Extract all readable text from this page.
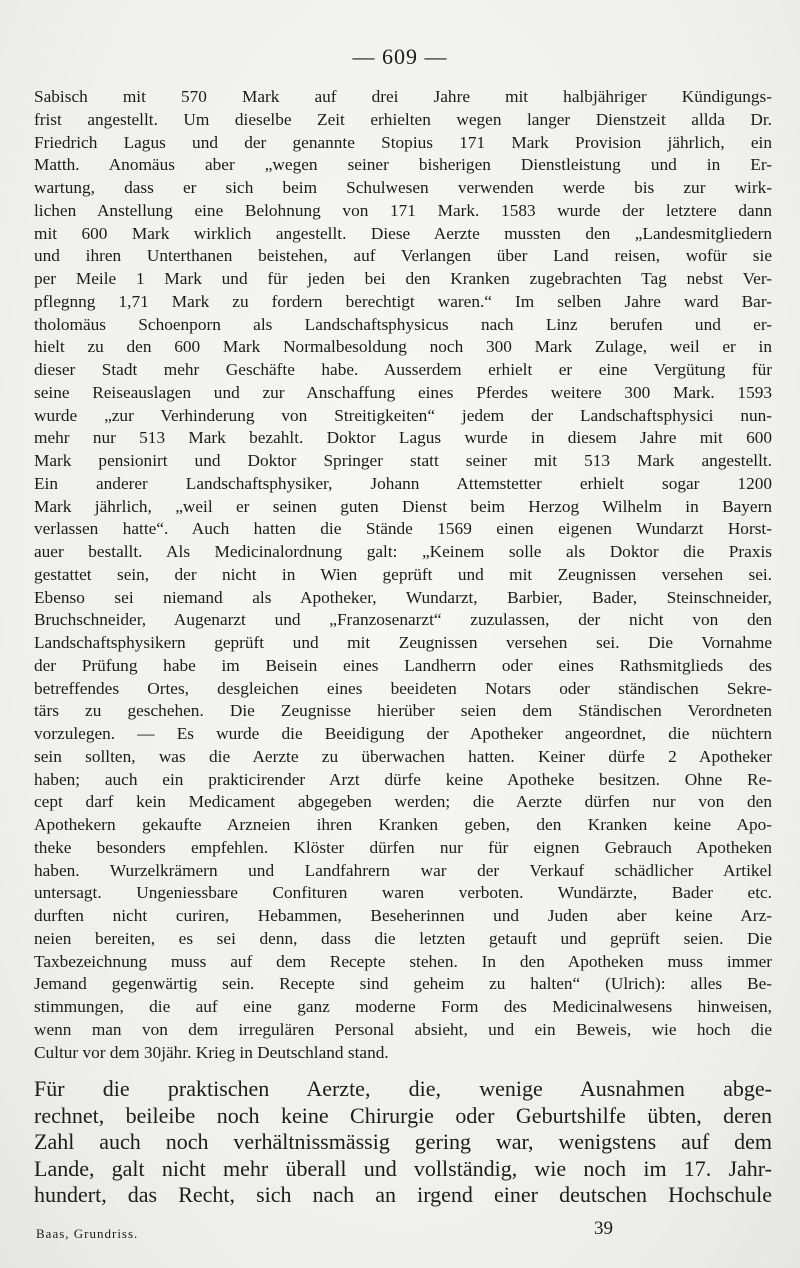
— 609 —
Sabisch mit 570 Mark auf drei Jahre mit halbjähriger Kündigungs-
frist angestellt. Um dieselbe Zeit erhielten wegen langer Dienstzeit allda Dr.
Friedrich Lagus und der genannte Stopius 171 Mark Provision jährlich, ein
Matth. Anomäus aber „wegen seiner bisherigen Dienstleistung und in Er-
wartung, dass er sich beim Schulwesen verwenden werde bis zur wirk-
lichen Anstellung eine Belohnung von 171 Mark. 1583 wurde der letztere dann
mit 600 Mark wirklich angestellt. Diese Aerzte mussten den „Landesmitgliedern
und ihren Unterthanen beistehen, auf Verlangen über Land reisen, wofür sie
per Meile 1 Mark und für jeden bei den Kranken zugebrachten Tag nebst Ver-
pflegnng 1,71 Mark zu fordern berechtigt waren.“ Im selben Jahre ward Bar-
tholomäus Schoenporn als Landschaftsphysicus nach Linz berufen und er-
hielt zu den 600 Mark Normalbesoldung noch 300 Mark Zulage, weil er in
dieser Stadt mehr Geschäfte habe. Ausserdem erhielt er eine Vergütung für
seine Reiseauslagen und zur Anschaffung eines Pferdes weitere 300 Mark. 1593
wurde „zur Verhinderung von Streitigkeiten“ jedem der Landschaftsphysici nun-
mehr nur 513 Mark bezahlt. Doktor Lagus wurde in diesem Jahre mit 600
Mark pensionirt und Doktor Springer statt seiner mit 513 Mark angestellt.
Ein anderer Landschaftsphysiker, Johann Attemstetter erhielt sogar 1200
Mark jährlich, „weil er seinen guten Dienst beim Herzog Wilhelm in Bayern
verlassen hatte“. Auch hatten die Stände 1569 einen eigenen Wundarzt Horst-
auer bestallt. Als Medicinalordnung galt: „Keinem solle als Doktor die Praxis
gestattet sein, der nicht in Wien geprüft und mit Zeugnissen versehen sei.
Ebenso sei niemand als Apotheker, Wundarzt, Barbier, Bader, Steinschneider,
Bruchschneider, Augenarzt und „Franzosenarzt“ zuzulassen, der nicht von den
Landschaftsphysikern geprüft und mit Zeugnissen versehen sei. Die Vornahme
der Prüfung habe im Beisein eines Landherrn oder eines Rathsmitglieds des
betreffendes Ortes, desgleichen eines beeideten Notars oder ständischen Sekre-
tärs zu geschehen. Die Zeugnisse hierüber seien dem Ständischen Verordneten
vorzulegen. — Es wurde die Beeidigung der Apotheker angeordnet, die nüchtern
sein sollten, was die Aerzte zu überwachen hatten. Keiner dürfe 2 Apotheker
haben; auch ein prakticirender Arzt dürfe keine Apotheke besitzen. Ohne Re-
cept darf kein Medicament abgegeben werden; die Aerzte dürfen nur von den
Apothekern gekaufte Arzneien ihren Kranken geben, den Kranken keine Apo-
theke besonders empfehlen. Klöster dürfen nur für eignen Gebrauch Apotheken
haben. Wurzelkrämern und Landfahrern war der Verkauf schädlicher Artikel
untersagt. Ungeniessbare Confituren waren verboten. Wundärzte, Bader etc.
durften nicht curiren, Hebammen, Beseherinnen und Juden aber keine Arz-
neien bereiten, es sei denn, dass die letzten getauft und geprüft seien. Die
Taxbezeichnung muss auf dem Recepte stehen. In den Apotheken muss immer
Jemand gegenwärtig sein. Recepte sind geheim zu halten“ (Ulrich): alles Be-
stimmungen, die auf eine ganz moderne Form des Medicinalwesens hinweisen,
wenn man von dem irregulären Personal absieht, und ein Beweis, wie hoch die
Cultur vor dem 30jähr. Krieg in Deutschland stand.
Für die praktischen Aerzte, die, wenige Ausnahmen abge-
rechnet, beileibe noch keine Chirurgie oder Geburtshilfe übten, deren
Zahl auch noch verhältnissmässig gering war, wenigstens auf dem
Lande, galt nicht mehr überall und vollständig, wie noch im 17. Jahr-
hundert, das Recht, sich nach an irgend einer deutschen Hochschule
Baas, Grundriss.	39
